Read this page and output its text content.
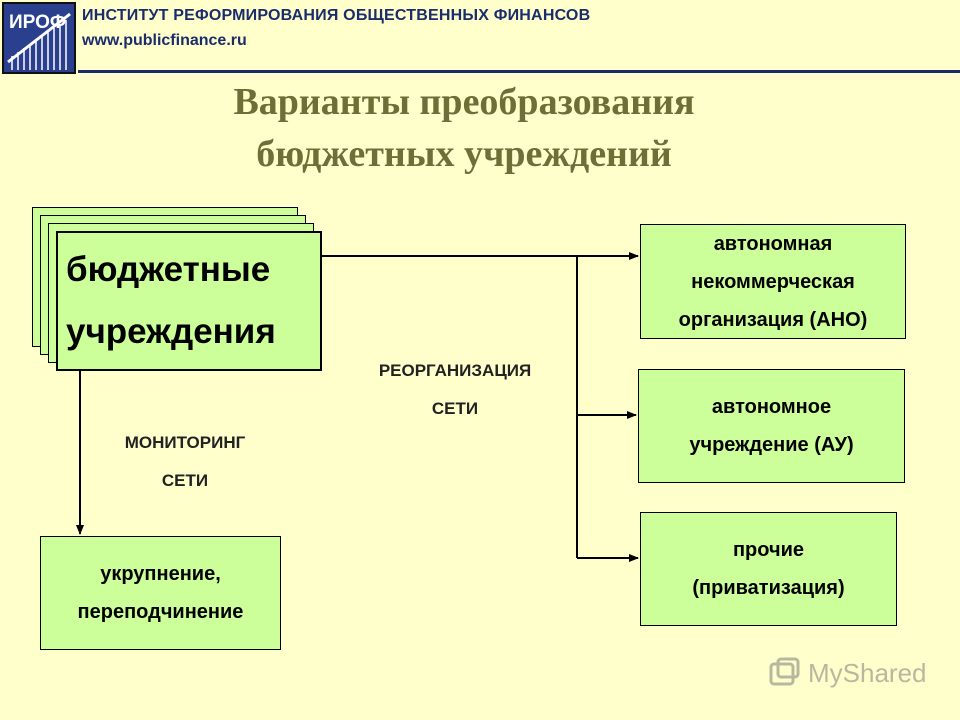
ИРОФ ИНСТИТУТ РЕФОРМИРОВАНИЯ ОБЩЕСТВЕННЫХ ФИНАНСОВ
www.publicfinance.ru
Варианты преобразования
бюджетных учреждений
бюджетные
учреждения
автономная
некоммерческая
организация (АНО)
автономное
учреждение (АУ)
прочие
(приватизация)
укрупнение,
переподчинение
РЕОРГАНИЗАЦИЯ
СЕТИ
МОНИТОРИНГ
СЕТИ
MyShared
